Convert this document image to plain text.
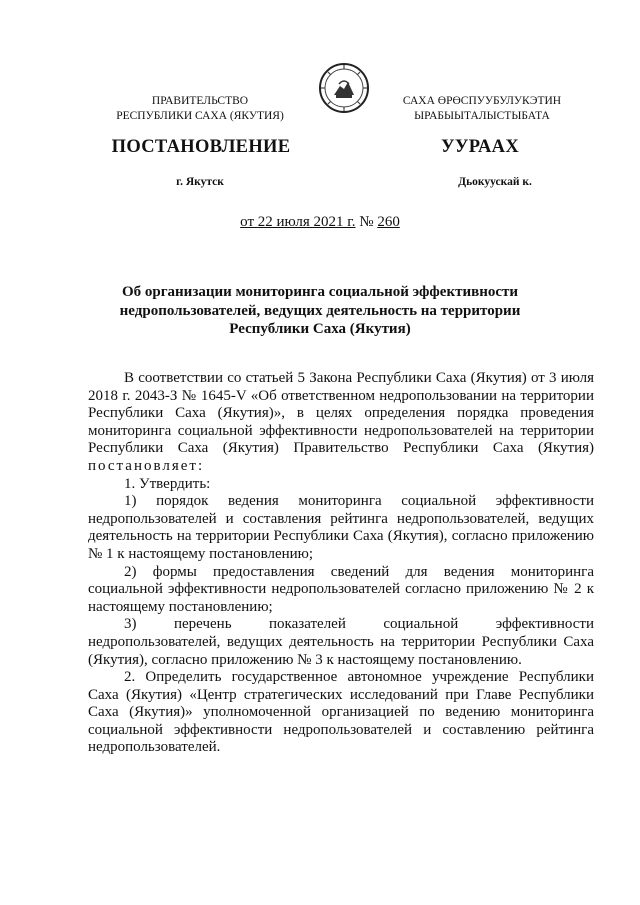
ПРАВИТЕЛЬСТВО
РЕСПУБЛИКИ САХА (ЯКУТИЯ)
САХА ӨРӨСПУУБУЛУКЭТИН
ЫРАБЫЫТАЛЫСТЫБАТА
ПОСТАНОВЛЕНИЕ	УУРААХ
г. Якутск	Дьокуускай к.
от 22 июля 2021 г. № 260
Об организации мониторинга социальной эффективности недропользователей, ведущих деятельность на территории Республики Саха (Якутия)

В соответствии со статьей 5 Закона Республики Саха (Якутия) от 3 июля 2018 г. 2043-З № 1645-V «Об ответственном недропользовании на территории Республики Саха (Якутия)», в целях определения порядка проведения мониторинга социальной эффективности недропользователей на территории Республики Саха (Якутия) Правительство Республики Саха (Якутия) постановляет:

1. Утвердить:

1) порядок ведения мониторинга социальной эффективности недропользователей и составления рейтинга недропользователей, ведущих деятельность на территории Республики Саха (Якутия), согласно приложению № 1 к настоящему постановлению;

2) формы предоставления сведений для ведения мониторинга социальной эффективности недропользователей согласно приложению № 2 к настоящему постановлению;

3) перечень показателей социальной эффективности недропользователей, ведущих деятельность на территории Республики Саха (Якутия), согласно приложению № 3 к настоящему постановлению.

2. Определить государственное автономное учреждение Республики Саха (Якутия) «Центр стратегических исследований при Главе Республики Саха (Якутия)» уполномоченной организацией по ведению мониторинга социальной эффективности недропользователей и составлению рейтинга недропользователей.
